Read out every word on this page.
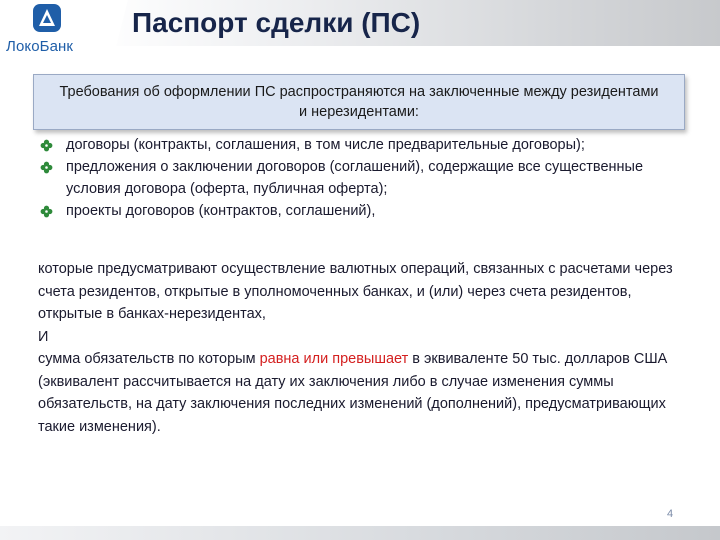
ЛокоБанк
Паспорт сделки (ПС)
Требования об оформлении ПС распространяются на заключенные между резидентами и нерезидентами:
договоры (контракты, соглашения, в том числе предварительные договоры);
предложения о заключении договоров (соглашений), содержащие все существенные условия договора (оферта, публичная оферта);
проекты договоров (контрактов, соглашений),
которые предусматривают осуществление валютных операций, связанных с расчетами через счета резидентов, открытые в уполномоченных банках, и (или) через счета резидентов, открытые в банках-нерезидентах,
И
сумма обязательств по которым равна или превышает в эквиваленте 50 тыс. долларов США (эквивалент рассчитывается на дату их заключения либо в случае изменения суммы обязательств, на дату заключения последних изменений (дополнений), предусматривающих такие изменения).
4
